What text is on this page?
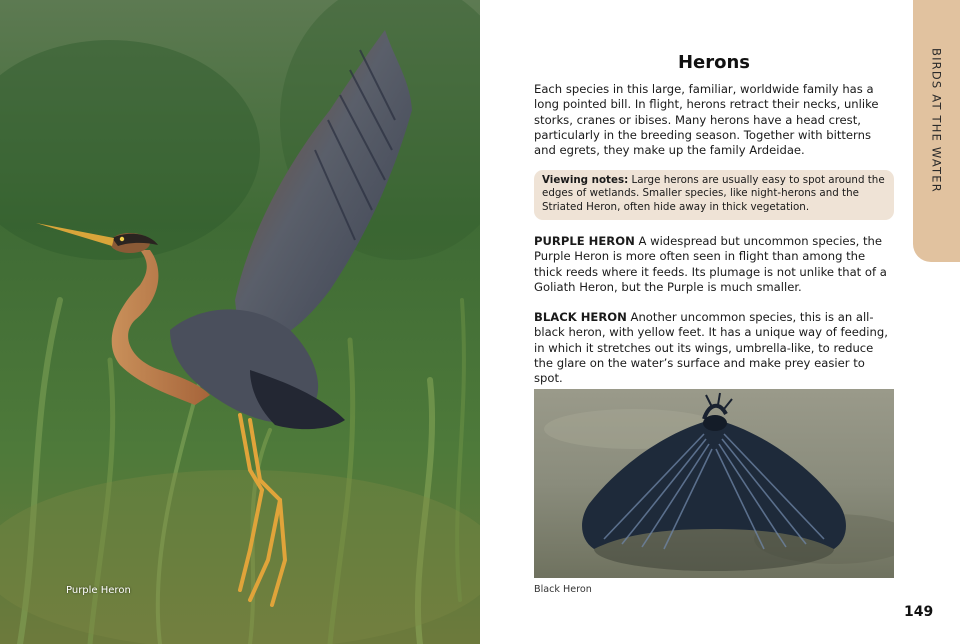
Purple Heron
BIRDS AT THE WATER
Herons

Each species in this large, familiar, worldwide family has a long pointed bill. In flight, herons retract their necks, unlike storks, cranes or ibises. Many herons have a head crest, particularly in the breeding season. Together with bitterns and egrets, they make up the family Ardeidae.

Viewing notes: Large herons are usually easy to spot around the edges of wetlands. Smaller species, like night-herons and the Striated Heron, often hide away in thick vegetation.

PURPLE HERON A widespread but uncommon species, the Purple Heron is more often seen in flight than among the thick reeds where it feeds. Its plumage is not unlike that of a Goliath Heron, but the Purple is much smaller.

BLACK HERON Another uncommon species, this is an all-black heron, with yellow feet. It has a unique way of feeding, in which it stretches out its wings, umbrella-like, to reduce the glare on the water’s surface and make prey easier to spot.

Black Heron
149
